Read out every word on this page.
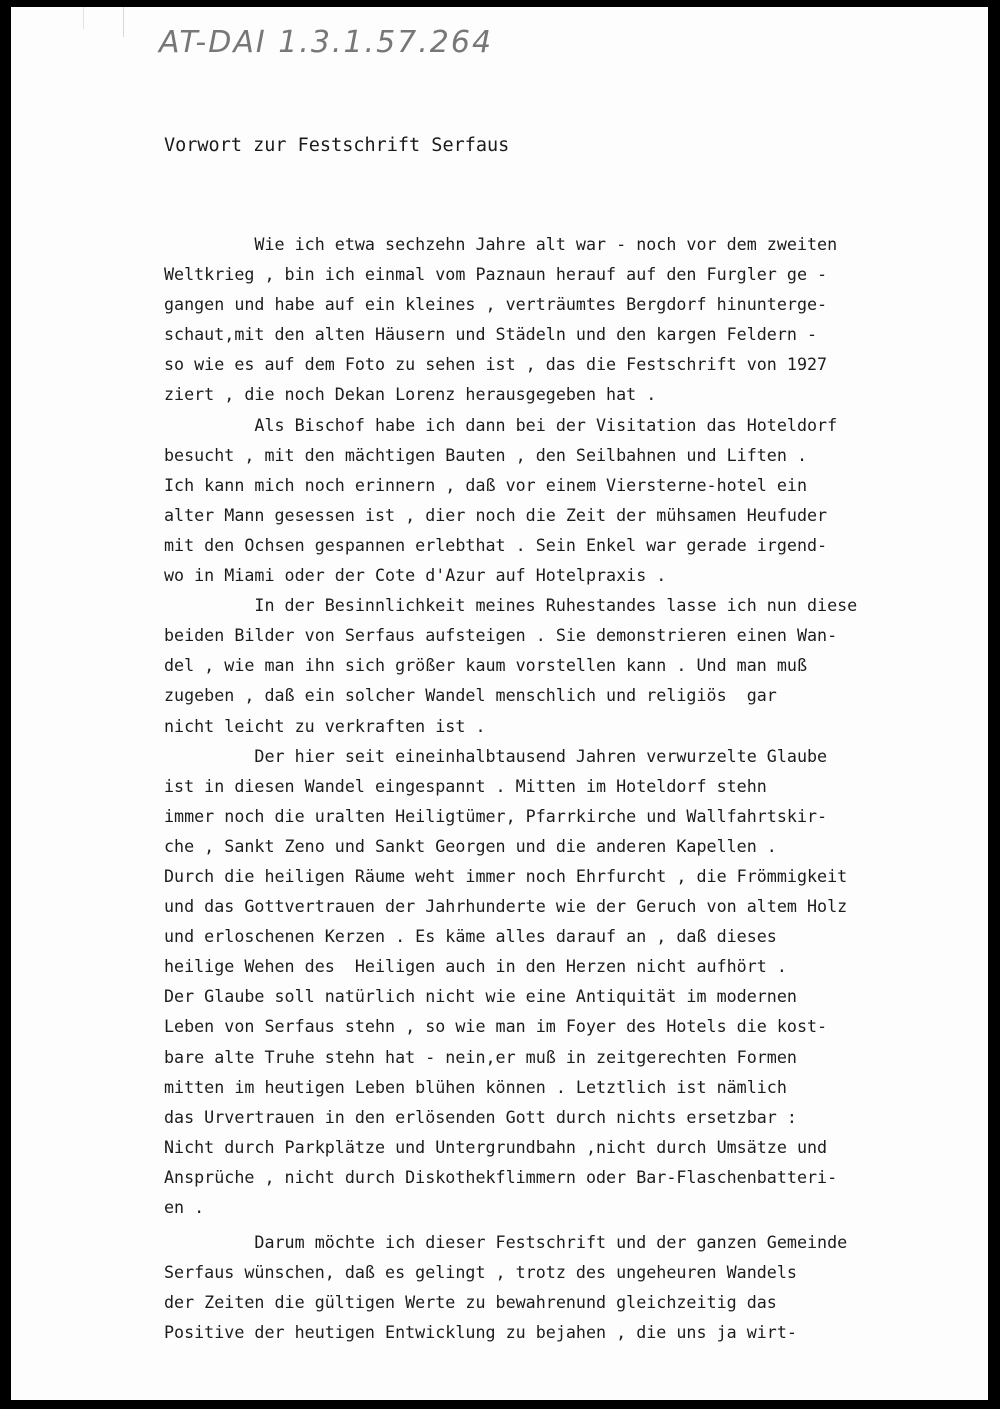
AT-DAI 1.3.1.57.264
Vorwort zur Festschrift Serfaus
Wie ich etwa sechzehn Jahre alt war - noch vor dem zweiten
Weltkrieg , bin ich einmal vom Paznaun herauf auf den Furgler ge -
gangen und habe auf ein kleines , verträumtes Bergdorf hinunterge-
schaut,mit den alten Häusern und Städeln und den kargen Feldern -
so wie es auf dem Foto zu sehen ist , das die Festschrift von 1927
ziert , die noch Dekan Lorenz herausgegeben hat .
Als Bischof habe ich dann bei der Visitation das Hoteldorf
besucht , mit den mächtigen Bauten , den Seilbahnen und Liften .
Ich kann mich noch erinnern , daß vor einem Viersterne-hotel ein
alter Mann gesessen ist , dier noch die Zeit der mühsamen Heufuder
mit den Ochsen gespannen erlebthat . Sein Enkel war gerade irgend-
wo in Miami oder der Cote d'Azur auf Hotelpraxis .
In der Besinnlichkeit meines Ruhestandes lasse ich nun diese
beiden Bilder von Serfaus aufsteigen . Sie demonstrieren einen Wan-
del , wie man ihn sich größer kaum vorstellen kann . Und man muß
zugeben , daß ein solcher Wandel menschlich und religiös  gar
nicht leicht zu verkraften ist .
Der hier seit eineinhalbtausend Jahren verwurzelte Glaube
ist in diesen Wandel eingespannt . Mitten im Hoteldorf stehn
immer noch die uralten Heiligtümer, Pfarrkirche und Wallfahrtskir-
che , Sankt Zeno und Sankt Georgen und die anderen Kapellen .
Durch die heiligen Räume weht immer noch Ehrfurcht , die Frömmigkeit
und das Gottvertrauen der Jahrhunderte wie der Geruch von altem Holz
und erloschenen Kerzen . Es käme alles darauf an , daß dieses
heilige Wehen des  Heiligen auch in den Herzen nicht aufhört .
Der Glaube soll natürlich nicht wie eine Antiquität im modernen
Leben von Serfaus stehn , so wie man im Foyer des Hotels die kost-
bare alte Truhe stehn hat - nein,er muß in zeitgerechten Formen
mitten im heutigen Leben blühen können . Letztlich ist nämlich
das Urvertrauen in den erlösenden Gott durch nichts ersetzbar :
Nicht durch Parkplätze und Untergrundbahn ,nicht durch Umsätze und
Ansprüche , nicht durch Diskothekflimmern oder Bar-Flaschenbatteri-
en .
Darum möchte ich dieser Festschrift und der ganzen Gemeinde
Serfaus wünschen, daß es gelingt , trotz des ungeheuren Wandels
der Zeiten die gültigen Werte zu bewahrenund gleichzeitig das
Positive der heutigen Entwicklung zu bejahen , die uns ja wirt-
